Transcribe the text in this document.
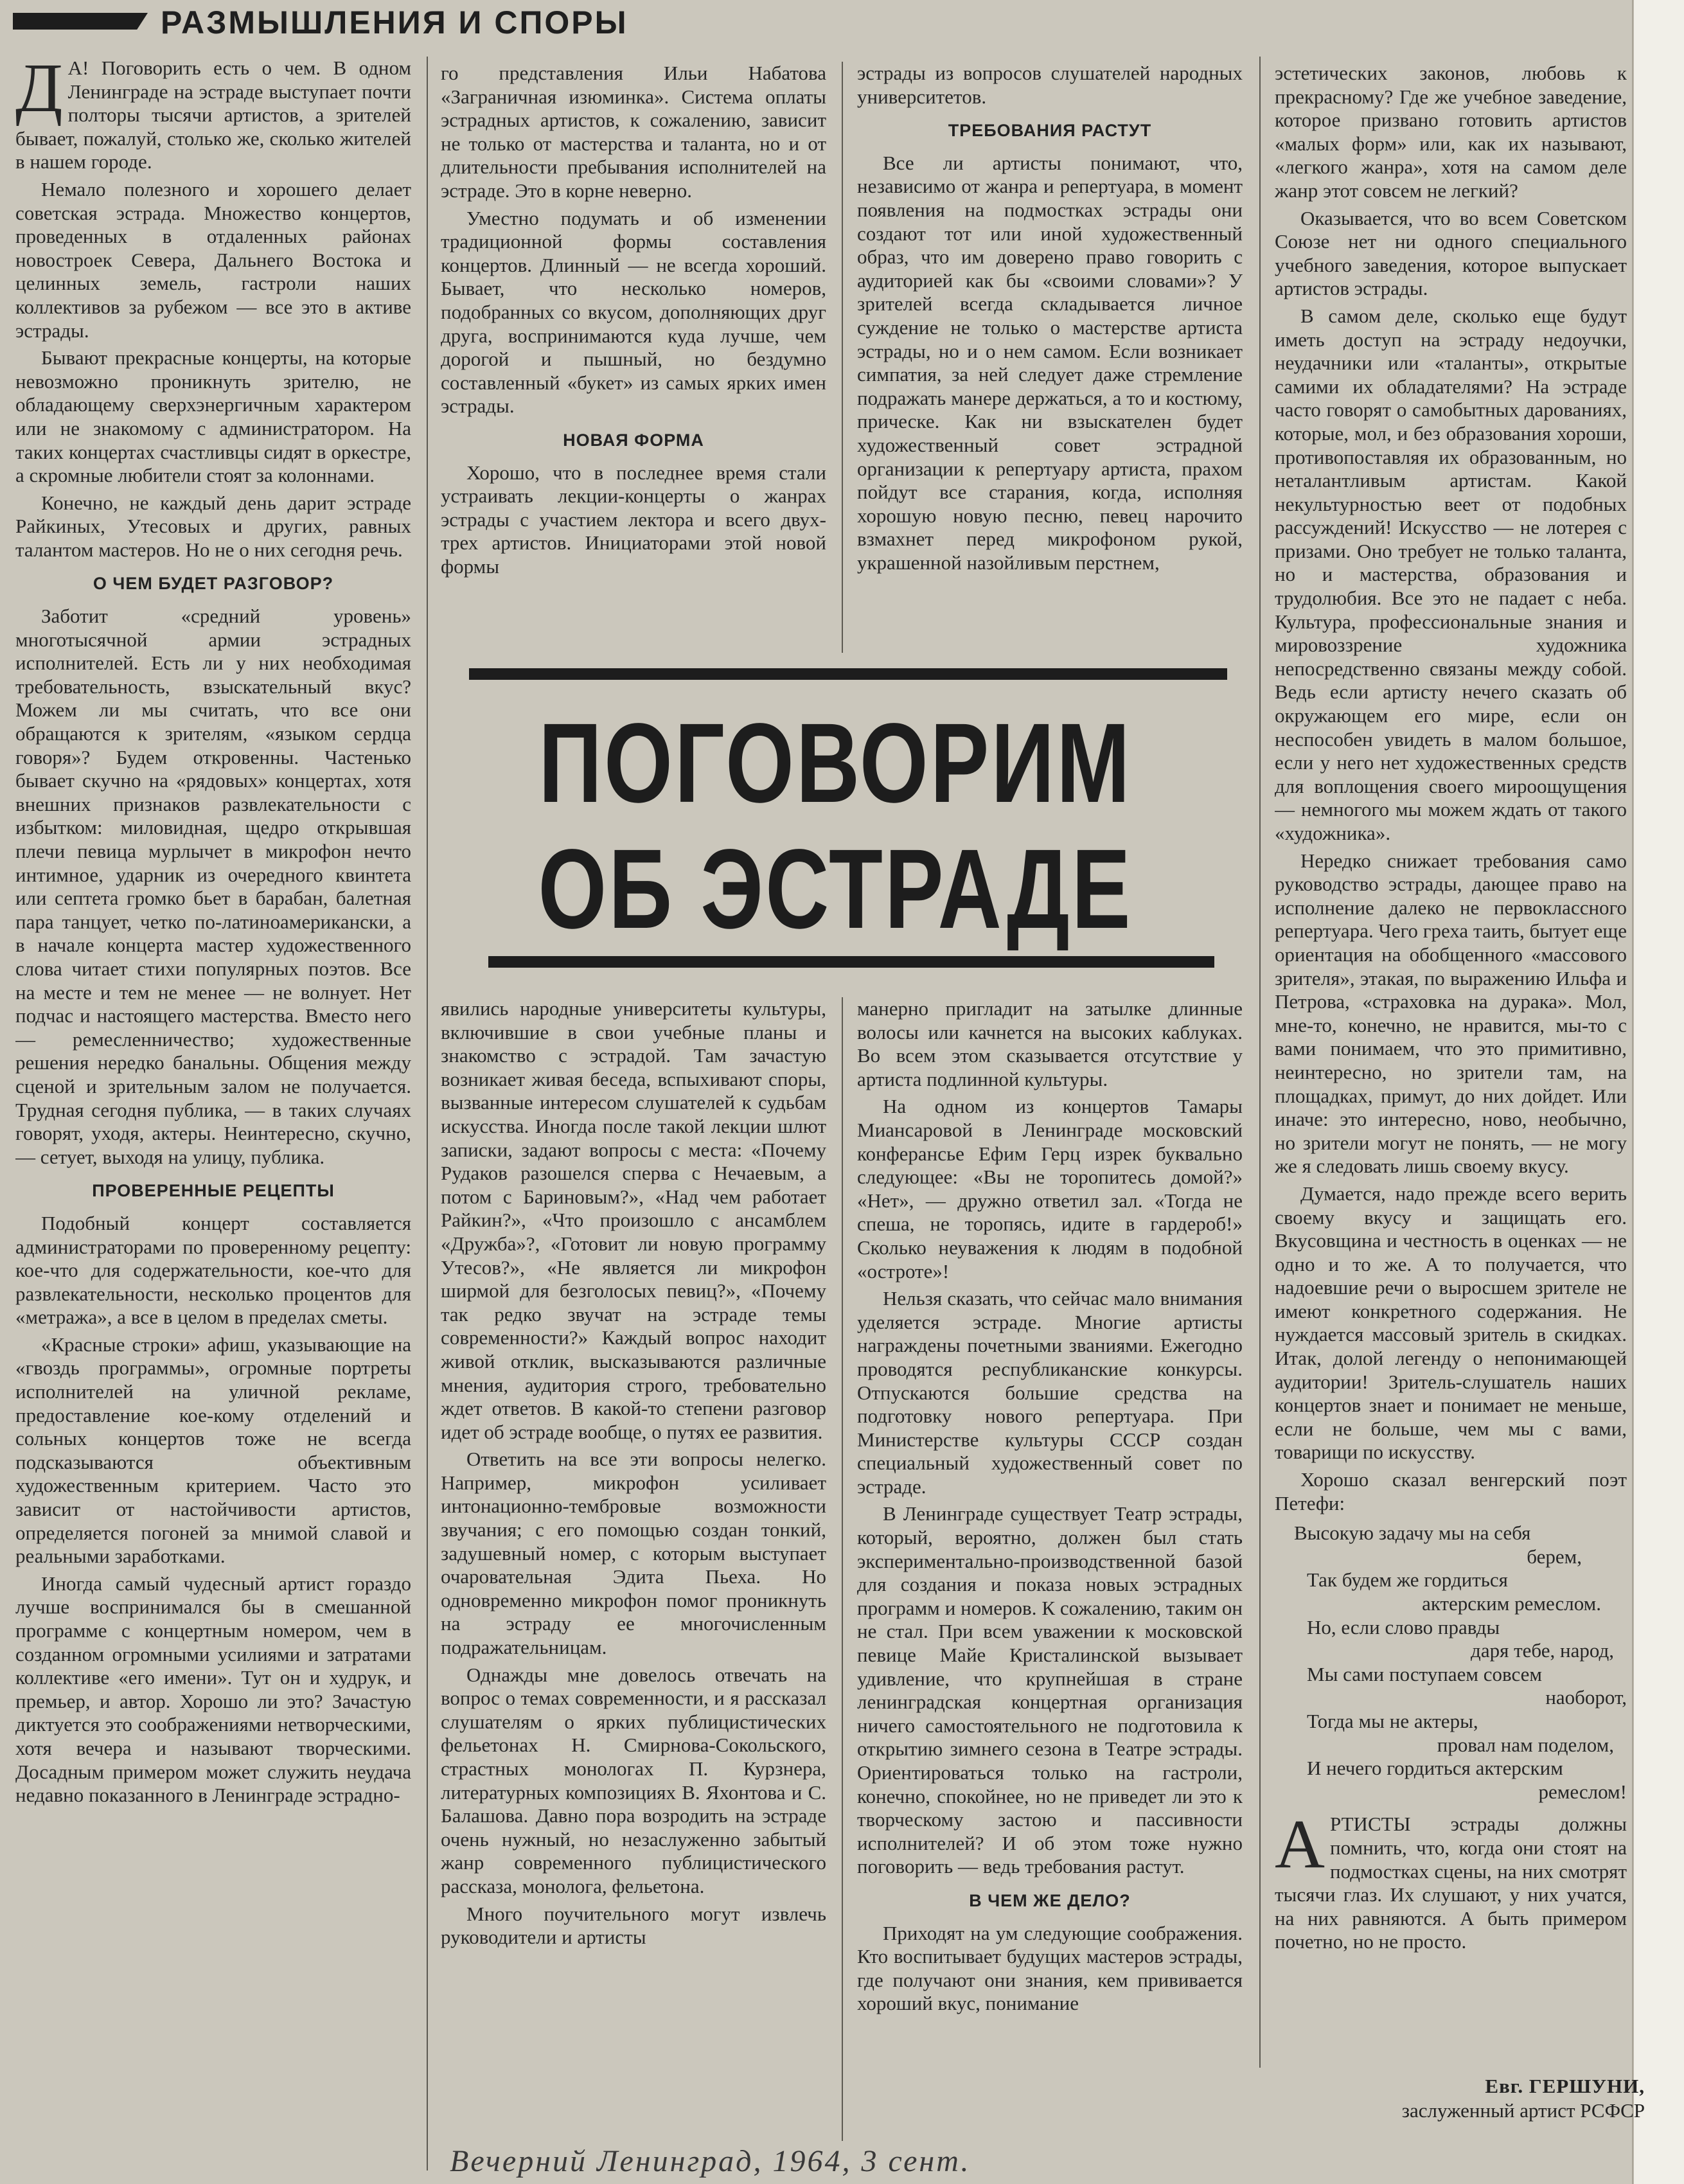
РАЗМЫШЛЕНИЯ И СПОРЫ

Д А! Поговорить есть о чем. В одном Ленинграде на эстраде выступает почти полторы тысячи артистов, а зрителей бывает, пожалуй, столько же, сколько жителей в нашем городе.

Немало полезного и хорошего делает советская эстрада. Множество концертов, проведенных в отдаленных районах новостроек Севера, Дальнего Востока и целинных земель, гастроли наших коллективов за рубежом — все это в активе эстрады.

Бывают прекрасные концерты, на которые невозможно проникнуть зрителю, не обладающему сверхэнергичным характером или не знакомому с администратором. На таких концертах счастливцы сидят в оркестре, а скромные любители стоят за колоннами.

Конечно, не каждый день дарит эстраде Райкиных, Утесовых и других, равных талантом мастеров. Но не о них сегодня речь.

О ЧЕМ БУДЕТ РАЗГОВОР?

Заботит «средний уровень» многотысячной армии эстрадных исполнителей. Есть ли у них необходимая требовательность, взыскательный вкус? Можем ли мы считать, что все они обращаются к зрителям, «языком сердца говоря»? Будем откровенны. Частенько бывает скучно на «рядовых» концертах, хотя внешних признаков развлекательности с избытком: миловидная, щедро открывшая плечи певица мурлычет в микрофон нечто интимное, ударник из очередного квинтета или септета громко бьет в барабан, балетная пара танцует, четко по-латиноамерикански, а в начале концерта мастер художественного слова читает стихи популярных поэтов. Все на месте и тем не менее — не волнует. Нет подчас и настоящего мастерства. Вместо него — ремесленничество; художественные решения нередко банальны. Общения между сценой и зрительным залом не получается. Трудная сегодня публика, — в таких случаях говорят, уходя, актеры. Неинтересно, скучно, — сетует, выходя на улицу, публика.

ПРОВЕРЕННЫЕ РЕЦЕПТЫ

Подобный концерт составляется администраторами по проверенному рецепту: кое-что для содержательности, кое-что для развлекательности, несколько процентов для «метража», а все в целом в пределах сметы.

«Красные строки» афиш, указывающие на «гвоздь программы», огромные портреты исполнителей на уличной рекламе, предоставление кое-кому отделений и сольных концертов тоже не всегда подсказываются объективным художественным критерием. Часто это зависит от настойчивости артистов, определяется погоней за мнимой славой и реальными заработками.

Иногда самый чудесный артист гораздо лучше воспринимался бы в смешанной программе с концертным номером, чем в созданном огромными усилиями и затратами коллективе «его имени». Тут он и худрук, и премьер, и автор. Хорошо ли это? Зачастую диктуется это соображениями нетворческими, хотя вечера и называют творческими. Досадным примером может служить неудача недавно показанного в Ленинграде эстрадно-

го представления Ильи Набатова «Заграничная изюминка». Система оплаты эстрадных артистов, к сожалению, зависит не только от мастерства и таланта, но и от длительности пребывания исполнителей на эстраде. Это в корне неверно.

Уместно подумать и об изменении традиционной формы составления концертов. Длинный — не всегда хороший. Бывает, что несколько номеров, подобранных со вкусом, дополняющих друг друга, воспринимаются куда лучше, чем дорогой и пышный, но бездумно составленный «букет» из самых ярких имен эстрады.

НОВАЯ ФОРМА

Хорошо, что в последнее время стали устраивать лекции-концерты о жанрах эстрады с участием лектора и всего двух-трех артистов. Инициаторами этой новой формы

эстрады из вопросов слушателей народных университетов.

ТРЕБОВАНИЯ РАСТУТ

Все ли артисты понимают, что, независимо от жанра и репертуара, в момент появления на подмостках эстрады они создают тот или иной художественный образ, что им доверено право говорить с аудиторией как бы «своими словами»? У зрителей всегда складывается личное суждение не только о мастерстве артиста эстрады, но и о нем самом. Если возникает симпатия, за ней следует даже стремление подражать манере держаться, а то и костюму, прическе. Как ни взыскателен будет художественный совет эстрадной организации к репертуару артиста, прахом пойдут все старания, когда, исполняя хорошую новую песню, певец нарочито взмахнет перед микрофоном рукой, украшенной назойливым перстнем,

ПОГОВОРИМ
ОБ ЭСТРАДЕ

явились народные университеты культуры, включившие в свои учебные планы и знакомство с эстрадой. Там зачастую возникает живая беседа, вспыхивают споры, вызванные интересом слушателей к судьбам искусства. Иногда после такой лекции шлют записки, задают вопросы с места: «Почему Рудаков разошелся сперва с Нечаевым, а потом с Бариновым?», «Над чем работает Райкин?», «Что произошло с ансамблем «Дружба»?, «Готовит ли новую программу Утесов?», «Не является ли микрофон ширмой для безголосых певиц?», «Почему так редко звучат на эстраде темы современности?» Каждый вопрос находит живой отклик, высказываются различные мнения, аудитория строго, требовательно ждет ответов. В какой-то степени разговор идет об эстраде вообще, о путях ее развития.

Ответить на все эти вопросы нелегко. Например, микрофон усиливает интонационно-тембровые возможности звучания; с его помощью создан тонкий, задушевный номер, с которым выступает очаровательная Эдита Пьеха. Но одновременно микрофон помог проникнуть на эстраду ее многочисленным подражательницам.

Однажды мне довелось отвечать на вопрос о темах современности, и я рассказал слушателям о ярких публицистических фельетонах Н. Смирнова-Сокольского, страстных монологах П. Курзнера, литературных композициях В. Яхонтова и С. Балашова. Давно пора возродить на эстраде очень нужный, но незаслуженно забытый жанр современного публицистического рассказа, монолога, фельетона.

Много поучительного могут извлечь руководители и артисты

манерно пригладит на затылке длинные волосы или качнется на высоких каблуках. Во всем этом сказывается отсутствие у артиста подлинной культуры.

На одном из концертов Тамары Миансаровой в Ленинграде московский конферансье Ефим Герц изрек буквально следующее: «Вы не торопитесь домой?» «Нет», — дружно ответил зал. «Тогда не спеша, не торопясь, идите в гардероб!» Сколько неуважения к людям в подобной «остроте»!

Нельзя сказать, что сейчас мало внимания уделяется эстраде. Многие артисты награждены почетными званиями. Ежегодно проводятся республиканские конкурсы. Отпускаются большие средства на подготовку нового репертуара. При Министерстве культуры СССР создан специальный художественный совет по эстраде.

В Ленинграде существует Театр эстрады, который, вероятно, должен был стать экспериментально-производственной базой для создания и показа новых эстрадных программ и номеров. К сожалению, таким он не стал. При всем уважении к московской певице Майе Кристалинской вызывает удивление, что крупнейшая в стране ленинградская концертная организация ничего самостоятельного не подготовила к открытию зимнего сезона в Театре эстрады. Ориентироваться только на гастроли, конечно, спокойнее, но не приведет ли это к творческому застою и пассивности исполнителей? И об этом тоже нужно поговорить — ведь требования растут.

В ЧЕМ ЖЕ ДЕЛО?

Приходят на ум следующие соображения. Кто воспитывает будущих мастеров эстрады, где получают они знания, кем прививается хороший вкус, понимание

эстетических законов, любовь к прекрасному? Где же учебное заведение, которое призвано готовить артистов «малых форм» или, как их называют, «легкого жанра», хотя на самом деле жанр этот совсем не легкий?

Оказывается, что во всем Советском Союзе нет ни одного специального учебного заведения, которое выпускает артистов эстрады.

В самом деле, сколько еще будут иметь доступ на эстраду недоучки, неудачники или «таланты», открытые самими их обладателями? На эстраде часто говорят о самобытных дарованиях, которые, мол, и без образования хороши, противопоставляя их образованным, но неталантливым артистам. Какой некультурностью веет от подобных рассуждений! Искусство — не лотерея с призами. Оно требует не только таланта, но и мастерства, образования и трудолюбия. Все это не падает с неба. Культура, профессиональные знания и мировоззрение художника непосредственно связаны между собой. Ведь если артисту нечего сказать об окружающем его мире, если он неспособен увидеть в малом большое, если у него нет художественных средств для воплощения своего мироощущения — немногого мы можем ждать от такого «художника».

Нередко снижает требования само руководство эстрады, дающее право на исполнение далеко не первоклассного репертуара. Чего греха таить, бытует еще ориентация на обобщенного «массового зрителя», этакая, по выражению Ильфа и Петрова, «страховка на дурака». Мол, мне-то, конечно, не нравится, мы-то с вами понимаем, что это примитивно, неинтересно, но зрители там, на площадках, примут, до них дойдет. Или иначе: это интересно, ново, необычно, но зрители могут не понять, — не могу же я следовать лишь своему вкусу.

Думается, надо прежде всего верить своему вкусу и защищать его. Вкусовщина и честность в оценках — не одно и то же. А то получается, что надоевшие речи о выросшем зрителе не имеют конкретного содержания. Не нуждается массовый зритель в скидках. Итак, долой легенду о непонимающей аудитории! Зритель-слушатель наших концертов знает и понимает не меньше, если не больше, чем мы с вами, товарищи по искусству.

Хорошо сказал венгерский поэт Петефи:

Высокую задачу мы на себя
берем,
Так будем же гордиться
актерским ремеслом.
Но, если слово правды
даря тебе, народ,
Мы сами поступаем совсем
наоборот,
Тогда мы не актеры,
провал нам поделом,
И нечего гордиться актерским
ремеслом!

АРТИСТЫ эстрады должны помнить, что, когда они стоят на подмостках сцены, на них смотрят тысячи глаз. Их слушают, у них учатся, на них равняются. А быть примером почетно, но не просто.

Евг. ГЕРШУНИ,
заслуженный артист РСФСР
Вечерний Ленинград, 1964, 3 сент.
